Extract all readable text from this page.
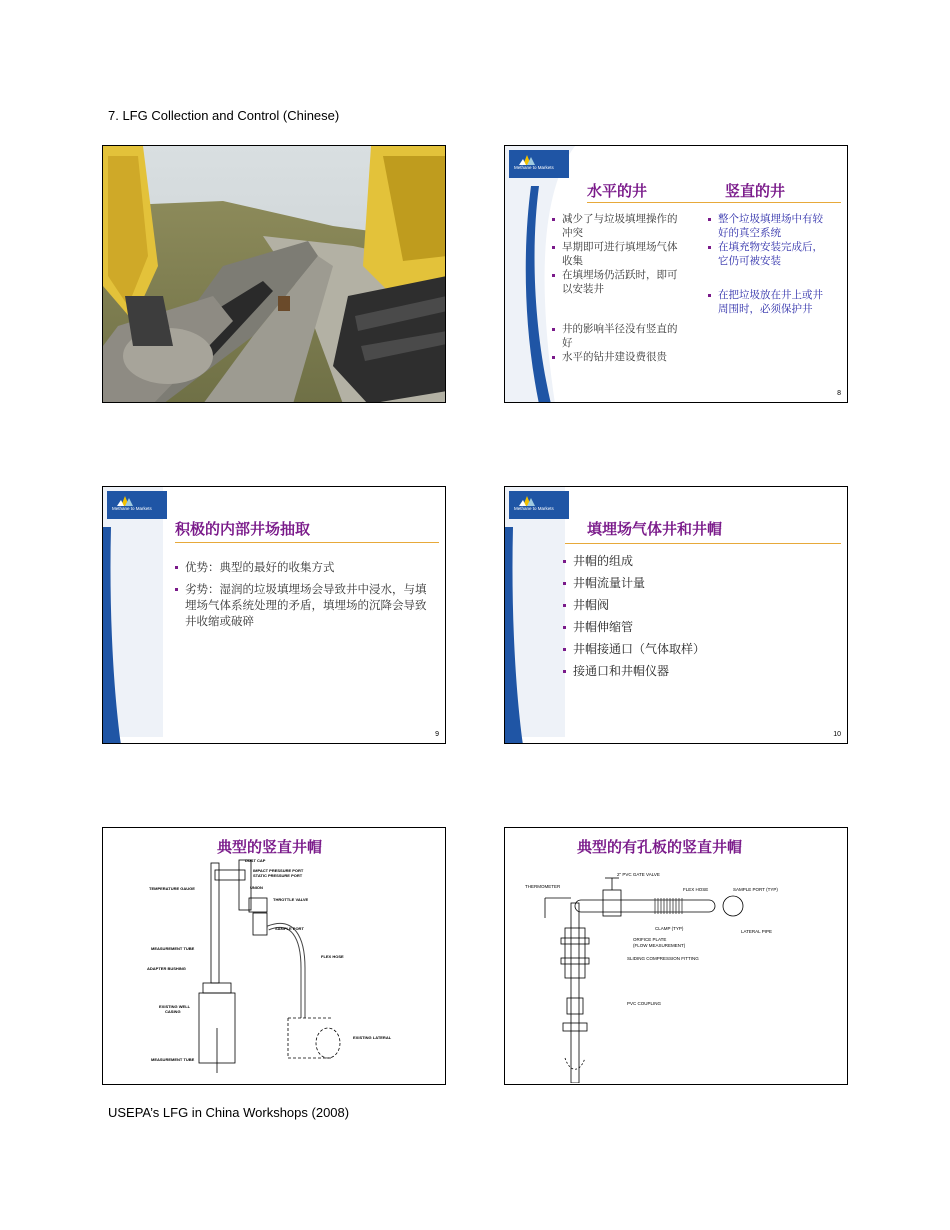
7. LFG Collection and Control (Chinese)
Methane to Markets
水平的井	竖直的井
减少了与垃圾填埋操作的冲突
早期即可进行填埋场气体收集
在填埋场仍活跃时，即可以安装井
井的影响半径没有竖直的好
水平的钻井建设费很贵
整个垃圾填埋场中有较好的真空系统
在填充物安装完成后，它仍可被安装
在把垃圾放在井上或井周围时，必须保护井
8
Methane to Markets
积极的内部井场抽取
优势：典型的最好的收集方式
劣势：湿润的垃圾填埋场会导致井中浸水，与填埋场气体系统处理的矛盾，填埋场的沉降会导致井收缩或破碎
9
Methane to Markets
填埋场气体井和井帽
井帽的组成
井帽流量计量
井帽阀
井帽伸缩管
井帽接通口（气体取样）
接通口和井帽仪器
10
典型的竖直井帽
DUST CAP
IMPACT PRESSURE PORT
STATIC PRESSURE PORT
TEMPERATURE GAUGE	UNION
THROTTLE VALVE
SAMPLE PORT
MEASUREMENT TUBE
FLEX HOSE
ADAPTER BUSHING
EXISTING WELL
CASING
EXISTING LATERAL
MEASUREMENT TUBE
典型的有孔板的竖直井帽
2" PVC GATE VALVE
THERMOMETER
FLEX HOSE	SAMPLE PORT (TYP)
CLAMP (TYP)
LATERAL PIPE
ORIFICE PLATE
(FLOW MEASUREMENT)
SLIDING COMPRESSION FITTING
PVC COUPLING
USEPA’s LFG in China Workshops (2008)
